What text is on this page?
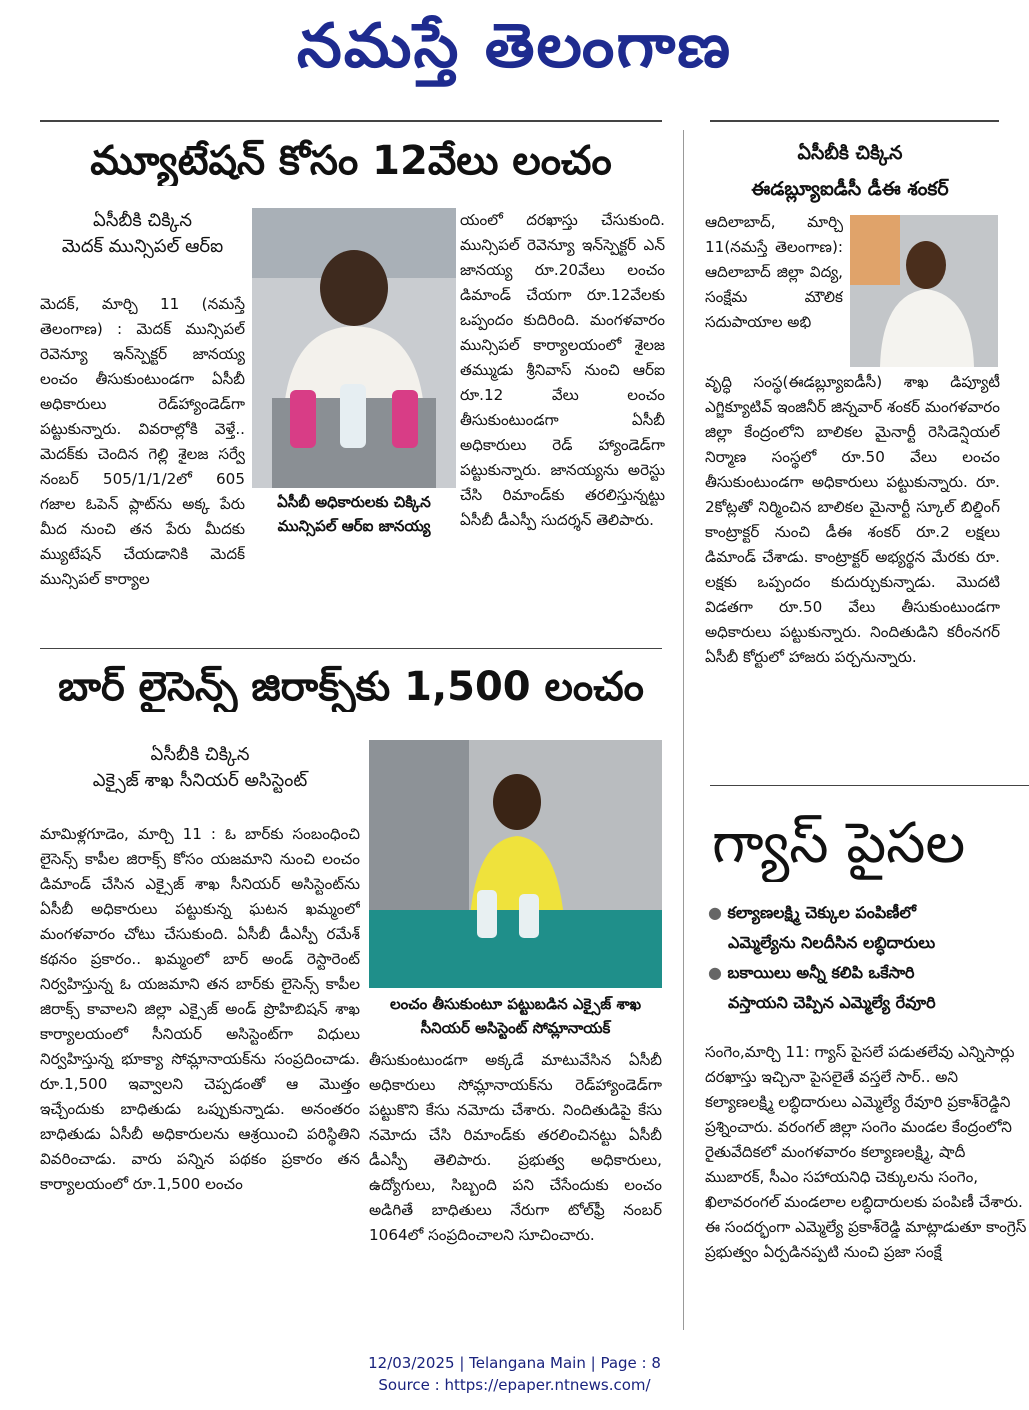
నమస్తే తెలంగాణ
మ్యూటేషన్ కోసం 12వేలు లంచం
ఏసీబీకి చిక్కిన
మెదక్ మున్సిపల్ ఆర్ఐ
మెదక్, మార్చి 11 (నమస్తే తెలంగాణ) : మెదక్ మున్సిపల్ రెవెన్యూ ఇన్‌స్పెక్టర్ జానయ్య లంచం తీసుకుంటుండగా ఏసీబీ అధికారులు రెడ్‌హ్యాండెడ్‌గా పట్టుకున్నారు. వివరాల్లోకి వెళ్తే.. మెదక్‌కు చెందిన గెల్లి శైలజ సర్వే నంబర్ 505/1/1/2లో 605 గజాల ఓపెన్ ప్లాట్‌ను అక్క పేరు మీద నుంచి తన పేరు మీదకు మ్యుటేషన్ చేయడానికి మెదక్ మున్సిపల్ కార్యాల
ఏసీబీ అధికారులకు చిక్కిన మున్సిపల్ ఆర్ఐ జానయ్య
యంలో దరఖాస్తు చేసుకుంది. మున్సిపల్ రెవెన్యూ ఇన్‌స్పెక్టర్ ఎన్ జానయ్య రూ.20వేలు లంచం డిమాండ్ చేయగా రూ.12వేలకు ఒప్పందం కుదిరింది. మంగళవారం మున్సిపల్ కార్యాలయంలో శైలజ తమ్ముడు శ్రీనివాస్ నుంచి ఆర్ఐ రూ.12 వేలు లంచం తీసుకుంటుండగా ఏసీబీ అధికారులు రెడ్ హ్యాండెడ్‌గా పట్టుకున్నారు. జానయ్యను అరెస్టు చేసి రిమాండ్‌కు తరలిస్తున్నట్టు ఏసీబీ డీఎస్పీ సుదర్శన్ తెలిపారు.
బార్ లైసెన్స్ జిరాక్స్‌కు 1,500 లంచం
ఏసీబీకి చిక్కిన
ఎక్సైజ్ శాఖ సీనియర్ అసిస్టెంట్
మామిళ్లగూడెం, మార్చి 11 : ఓ బార్‌కు సంబంధించి లైసెన్స్ కాపీల జిరాక్స్ కోసం యజమాని నుంచి లంచం డిమాండ్ చేసిన ఎక్సైజ్ శాఖ సీనియర్ అసిస్టెంట్‌ను ఏసీబీ అధికారులు పట్టుకున్న ఘటన ఖమ్మంలో మంగళవారం చోటు చేసుకుంది. ఏసీబీ డీఎస్పీ రమేశ్ కథనం ప్రకారం.. ఖమ్మంలో బార్ అండ్ రెస్టారెంట్ నిర్వహిస్తున్న ఓ యజమాని తన బార్‌కు లైసెన్స్ కాపీల జిరాక్స్ కావాలని జిల్లా ఎక్సైజ్ అండ్ ప్రొహిబిషన్ శాఖ కార్యాలయంలో సీనియర్ అసిస్టెంట్‌గా విధులు నిర్వహిస్తున్న భూక్యా సోమ్లానాయక్‌ను సంప్రదించాడు. రూ.1,500 ఇవ్వాలని చెప్పడంతో ఆ మొత్తం ఇచ్చేందుకు బాధితుడు ఒప్పుకున్నాడు. అనంతరం బాధితుడు ఏసీబీ అధికారులను ఆశ్రయించి పరిస్థితిని వివరించాడు. వారు పన్నిన పథకం ప్రకారం తన కార్యాలయంలో రూ.1,500 లంచం
లంచం తీసుకుంటూ పట్టుబడిన ఎక్సైజ్ శాఖ సీనియర్ అసిస్టెంట్ సోమ్లానాయక్
తీసుకుంటుండగా అక్కడే మాటువేసిన ఏసీబీ అధికారులు సోమ్లానాయక్‌ను రెడ్‌హ్యాండెడ్‌గా పట్టుకొని కేసు నమోదు చేశారు. నిందితుడిపై కేసు నమోదు చేసి రిమాండ్‌కు తరలించినట్టు ఏసీబీ డీఎస్పీ తెలిపారు. ప్రభుత్వ అధికారులు, ఉద్యోగులు, సిబ్బంది పని చేసేందుకు లంచం అడిగితే బాధితులు నేరుగా టోల్‌ఫ్రీ నంబర్ 1064లో సంప్రదించాలని సూచించారు.
ఏసీబీకి చిక్కిన
ఈడబ్ల్యూఐడీసీ డీఈ శంకర్
ఆదిలాబాద్, మార్చి 11(నమస్తే తెలంగాణ): ఆదిలాబాద్ జిల్లా విద్య, సంక్షేమ మౌలిక సదుపాయాల అభి
వృద్ధి సంస్థ(ఈడబ్ల్యూఐడీసీ) శాఖ డిప్యూటీ ఎగ్జిక్యూటివ్ ఇంజినీర్ జిన్నవార్ శంకర్ మంగళవారం జిల్లా కేంద్రంలోని బాలికల మైనార్టీ రెసిడెన్షియల్ నిర్మాణ సంస్థలో రూ.50 వేలు లంచం తీసుకుంటుండగా అధికారులు పట్టుకున్నారు. రూ. 2కోట్లతో నిర్మించిన బాలికల మైనార్టీ స్కూల్ బిల్డింగ్ కాంట్రాక్టర్ నుంచి డీఈ శంకర్ రూ.2 లక్షలు డిమాండ్ చేశాడు. కాంట్రాక్టర్ అభ్యర్థన మేరకు రూ. లక్షకు ఒప్పందం కుదుర్చుకున్నాడు. మొదటి విడతగా రూ.50 వేలు తీసుకుంటుండగా అధికారులు పట్టుకున్నారు. నిందితుడిని కరీంనగర్ ఏసీబీ కోర్టులో హాజరు పర్చనున్నారు.
గ్యాస్ పైసల
● కల్యాణలక్ష్మి చెక్కుల పంపిణీలో
ఎమ్మెల్యేను నిలదీసిన లబ్ధిదారులు
● బకాయిలు అన్నీ కలిపి ఒకేసారి
వస్తాయని చెప్పిన ఎమ్మెల్యే రేవూరి
సంగెం,మార్చి 11: గ్యాస్ పైసలే పడుతలేవు ఎన్నిసార్లు దరఖాస్తు ఇచ్చినా పైసలైతే వస్తలే సార్.. అని కల్యాణలక్ష్మి లబ్ధిదారులు ఎమ్మెల్యే రేవూరి ప్రకాశ్‌రెడ్డిని ప్రశ్నించారు. వరంగల్ జిల్లా సంగెం మండల కేంద్రంలోని రైతువేదికలో మంగళవారం కల్యాణలక్ష్మి, షాదీ ముబారక్, సీఎం సహాయనిధి చెక్కులను సంగెం, ఖిలావరంగల్ మండలాల లబ్ధిదారులకు పంపిణీ చేశారు. ఈ సందర్భంగా ఎమ్మెల్యే ప్రకాశ్‌రెడ్డి మాట్లాడుతూ కాంగ్రెస్ ప్రభుత్వం ఏర్పడినప్పటి నుంచి ప్రజా సంక్షే
12/03/2025 | Telangana Main | Page : 8
Source : https://epaper.ntnews.com/
